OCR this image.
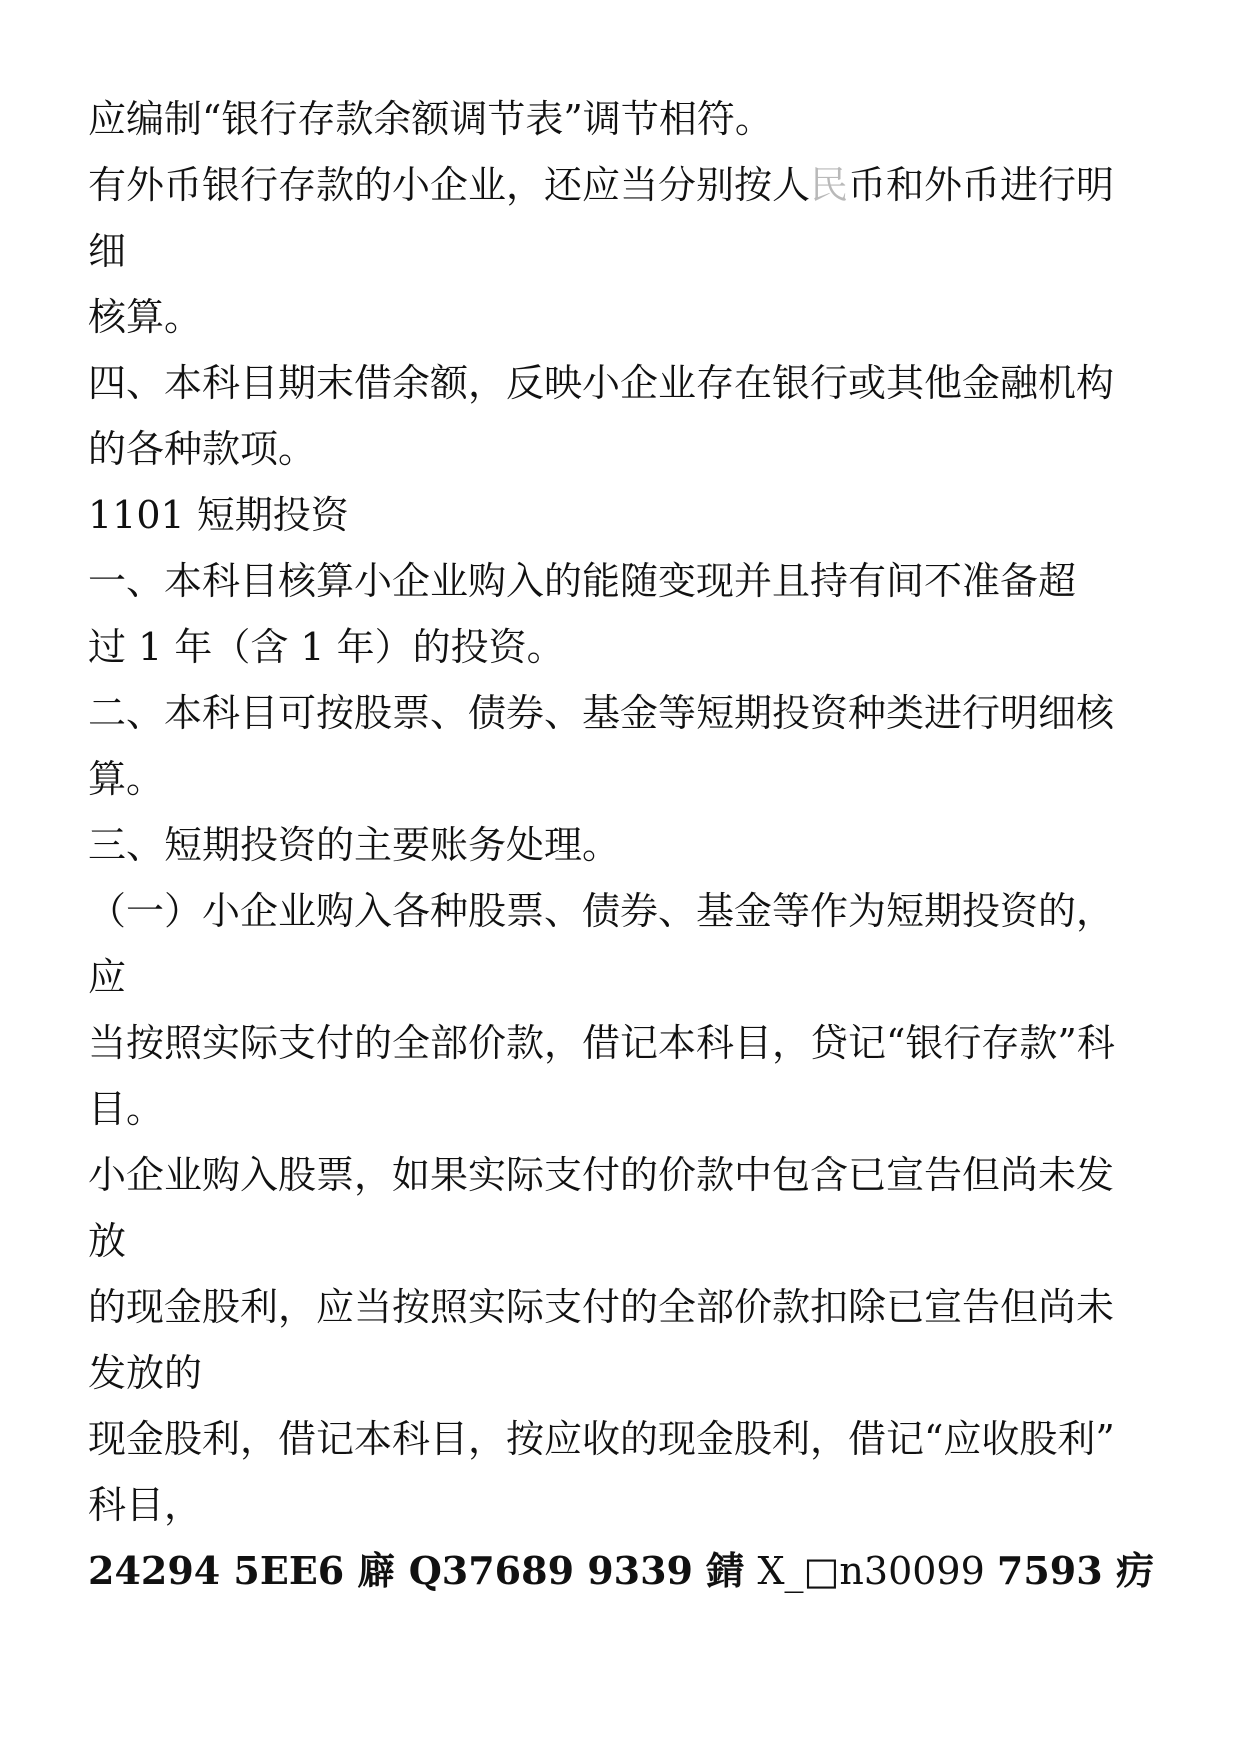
应编制“银行存款余额调节表”调节相符。
有外币银行存款的小企业，还应当分别按人民币和外币进行明
细
核算。
四、本科目期末借余额，反映小企业存在银行或其他金融机构
的各种款项。
1101 短期投资
一、本科目核算小企业购入的能随变现并且持有间不准备超
过 1 年（含 1 年）的投资。
二、本科目可按股票、债券、基金等短期投资种类进行明细核
算。
三、短期投资的主要账务处理。
（一）小企业购入各种股票、债券、基金等作为短期投资的，
应
当按照实际支付的全部价款，借记本科目，贷记“银行存款”科
目。
小企业购入股票，如果实际支付的价款中包含已宣告但尚未发
放
的现金股利，应当按照实际支付的全部价款扣除已宣告但尚未
发放的
现金股利，借记本科目，按应收的现金股利，借记“应收股利”
科目，
24294 5EE6 廦 Q37689 9339 錆 X_□n30099 7593 疠
